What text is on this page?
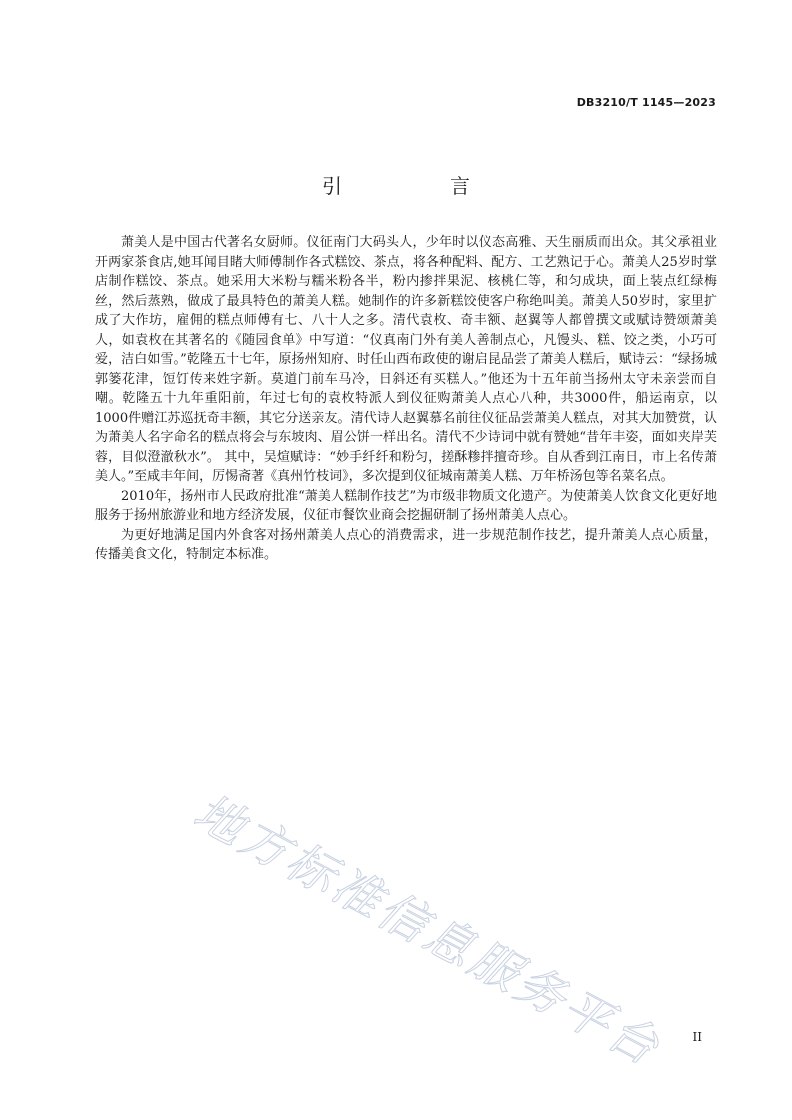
DB3210/T 1145—2023
引　言

萧美人是中国古代著名女厨师。仪征南门大码头人，少年时以仪态高雅、天生丽质而出众。其父承祖业开两家茶食店,她耳闻目睹大师傅制作各式糕饺、茶点，将各种配料、配方、工艺熟记于心。萧美人25岁时掌店制作糕饺、茶点。她采用大米粉与糯米粉各半，粉内掺拌果泥、核桃仁等，和匀成块，面上装点红绿梅丝，然后蒸熟，做成了最具特色的萧美人糕。她制作的许多新糕饺使客户称绝叫美。萧美人50岁时，家里扩成了大作坊，雇佣的糕点师傅有七、八十人之多。清代袁枚、奇丰额、赵翼等人都曾撰文或赋诗赞颂萧美人，如袁枚在其著名的《随园食单》中写道：“仪真南门外有美人善制点心，凡馒头、糕、饺之类，小巧可爱，洁白如雪。”乾隆五十七年，原扬州知府、时任山西布政使的谢启昆品尝了萧美人糕后，赋诗云：“绿扬城郭篓花津，饾饤传来姓字新。莫道门前车马冷，日斜还有买糕人。”他还为十五年前当扬州太守未亲尝而自嘲。乾隆五十九年重阳前，年过七旬的袁枚特派人到仪征购萧美人点心八种，共3000件，船运南京，以1000件赠江苏巡抚奇丰额，其它分送亲友。清代诗人赵翼慕名前往仪征品尝萧美人糕点，对其大加赞赏，认为萧美人名字命名的糕点将会与东坡肉、眉公饼一样出名。清代不少诗词中就有赞她“昔年丰姿，面如夹岸芙蓉，目似澄澈秋水”。 其中，吴煊赋诗：“妙手纤纤和粉匀，搓酥糁拌擅奇珍。自从香到江南日，市上名传萧美人。”至咸丰年间，厉惕斋著《真州竹枝词》，多次提到仪征城南萧美人糕、万年桥汤包等名菜名点。

2010年，扬州市人民政府批准“萧美人糕制作技艺”为市级非物质文化遗产。为使萧美人饮食文化更好地服务于扬州旅游业和地方经济发展，仪征市餐饮业商会挖掘研制了扬州萧美人点心。

为更好地满足国内外食客对扬州萧美人点心的消费需求，进一步规范制作技艺，提升萧美人点心质量，传播美食文化，特制定本标准。

地方标准信息服务平台	II
